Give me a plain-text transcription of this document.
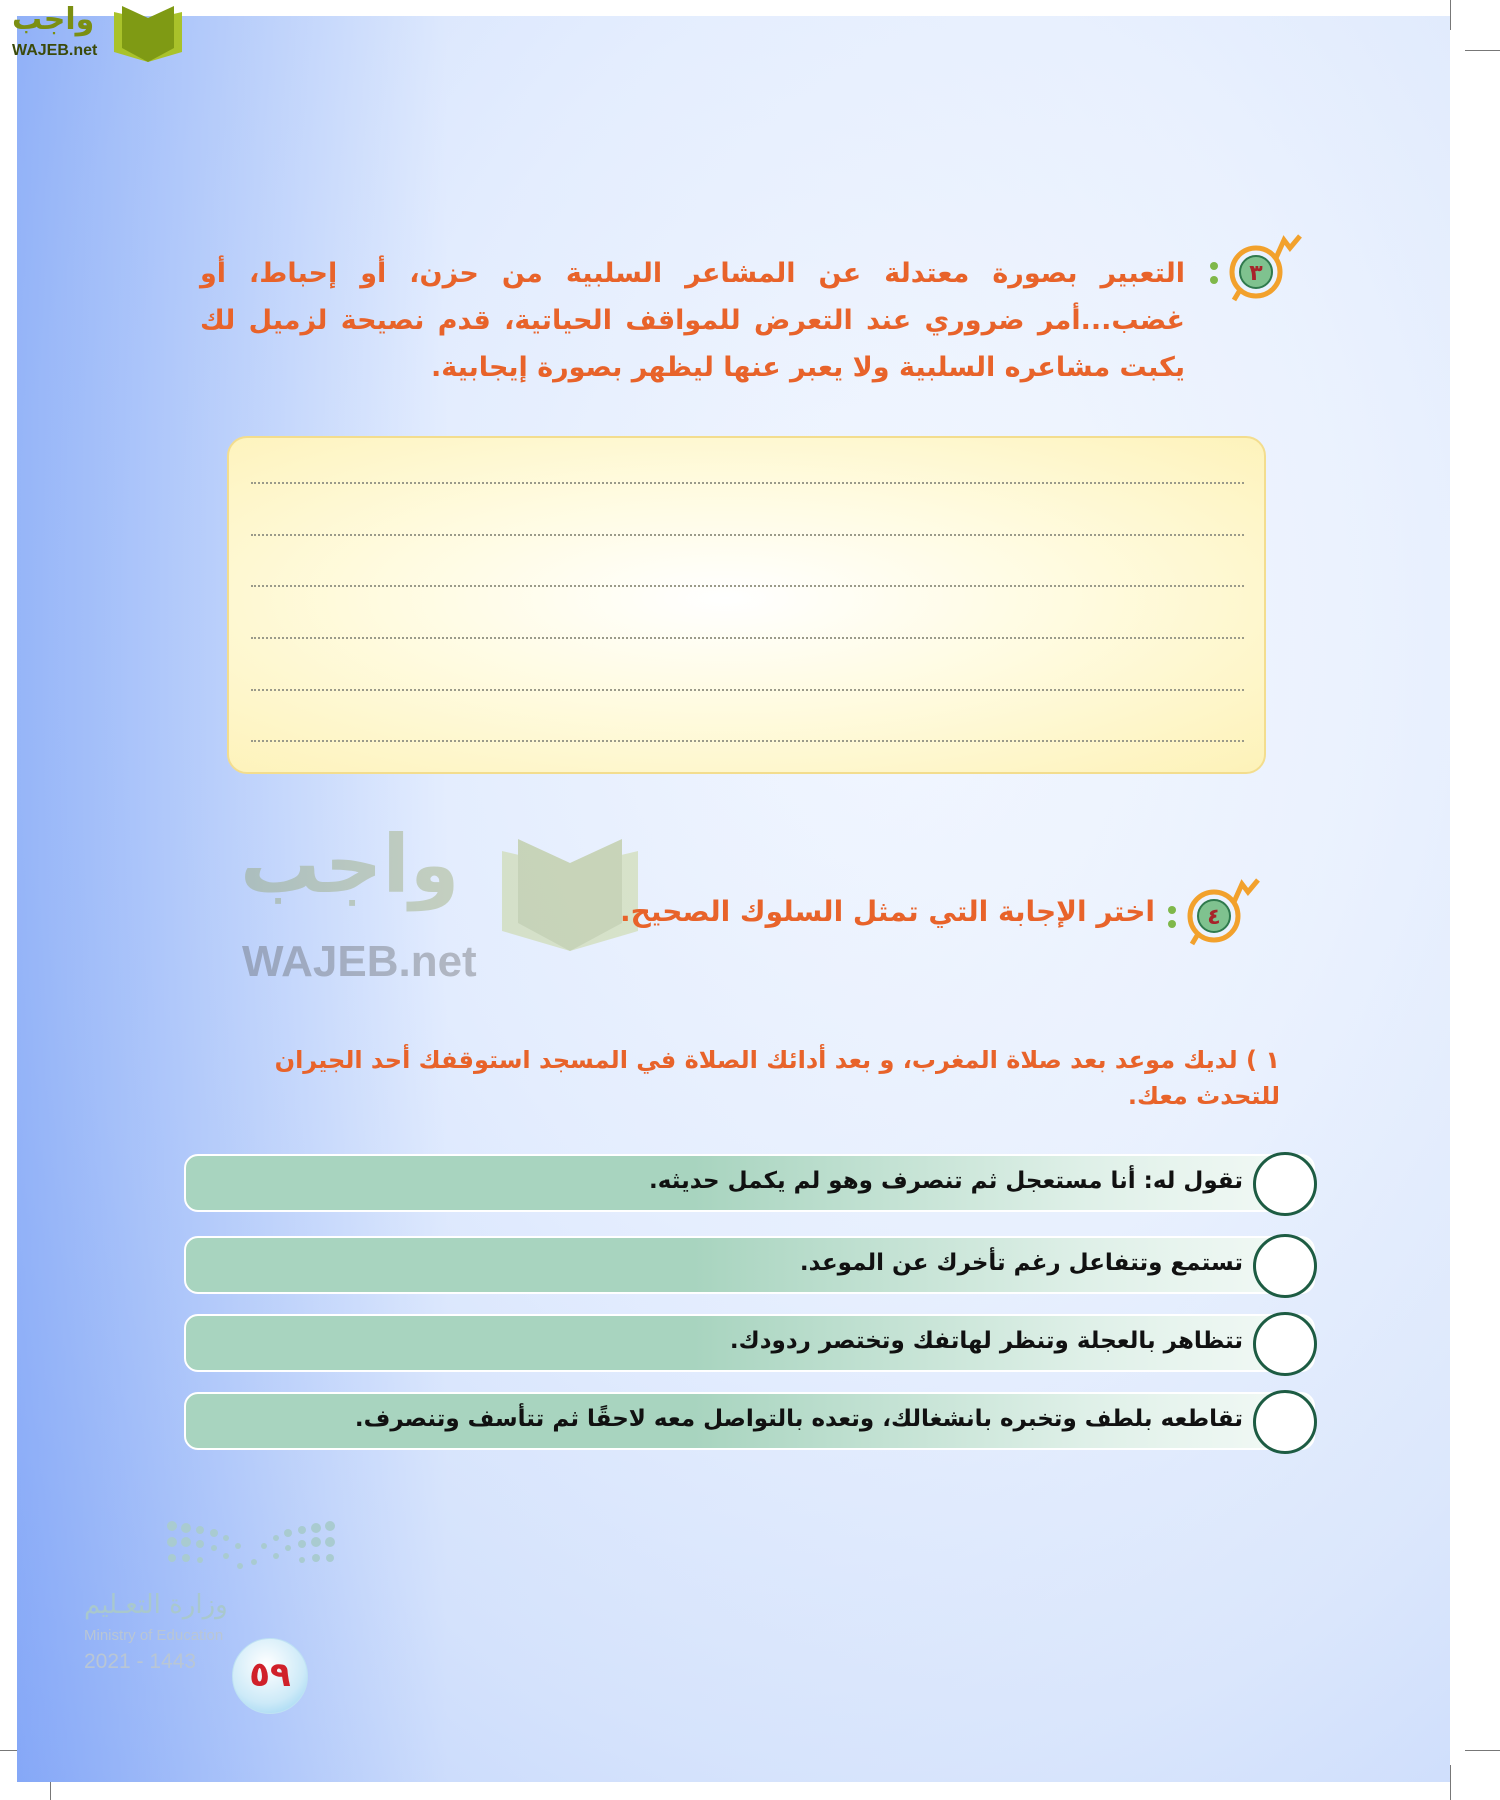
واجب
WAJEB.net
٣
التعبير بصورة معتدلة عن المشاعر السلبية من حزن، أو إحباط، أو غضب...أمر ضروري عند التعرض للمواقف الحياتية، قدم نصيحة لزميل لك يكبت مشاعره السلبية ولا يعبر عنها ليظهر بصورة إيجابية.
واجب
WAJEB.net
٤
اختر الإجابة التي تمثل السلوك الصحيح.
١ ) لديك موعد بعد صلاة المغرب، و بعد أدائك الصلاة في المسجد استوقفك أحد الجيران للتحدث معك.
تقول له: أنا مستعجل ثم تنصرف وهو لم يكمل حديثه.
تستمع وتتفاعل رغم تأخرك عن الموعد.
تتظاهر بالعجلة وتنظر لهاتفك وتختصر ردودك.
تقاطعه بلطف وتخبره بانشغالك، وتعده بالتواصل معه لاحقًا ثم تتأسف وتنصرف.
وزارة التعـليم
Ministry of Education
2021 - 1443	٥٩
